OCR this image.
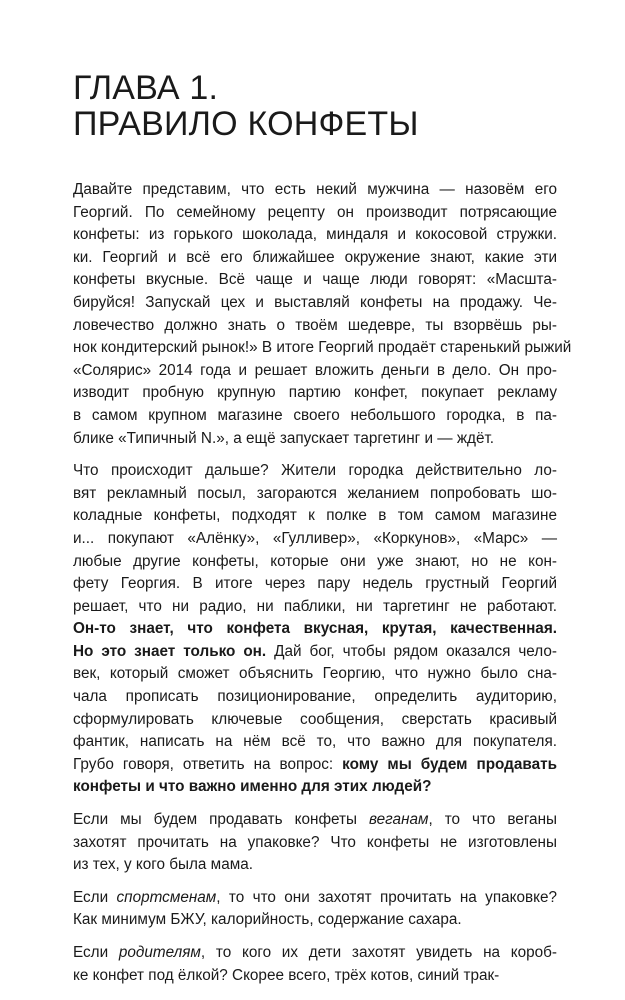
ГЛАВА 1.
ПРАВИЛО КОНФЕТЫ

Давайте представим, что есть некий мужчина — назовём его
Георгий. По семейному рецепту он производит потрясающие
конфеты: из горького шоколада, миндаля и кокосовой стружки.
ки. Георгий и всё его ближайшее окружение знают, какие эти
конфеты вкусные. Всё чаще и чаще люди говорят: «Масшта-
бируйся! Запускай цех и выставляй конфеты на продажу. Че-
ловечество должно знать о твоём шедевре, ты взорвёшь ры-
нок кондитерский рынок!» В итоге Георгий продаёт старенький рыжий
«Солярис» 2014 года и решает вложить деньги в дело. Он про-
изводит пробную крупную партию конфет, покупает рекламу
в самом крупном магазине своего небольшого городка, в па-
блике «Типичный N.», а ещё запускает таргетинг и — ждёт.

Что происходит дальше? Жители городка действительно ло-
вят рекламный посыл, загораются желанием попробовать шо-
коладные конфеты, подходят к полке в том самом магазине
и... покупают «Алёнку», «Гулливер», «Коркунов», «Марс» —
любые другие конфеты, которые они уже знают, но не кон-
фету Георгия. В итоге через пару недель грустный Георгий
решает, что ни радио, ни паблики, ни таргетинг не работают.
Он-то знает, что конфета вкусная, крутая, качественная.
Но это знает только он. Дай бог, чтобы рядом оказался чело-
век, который сможет объяснить Георгию, что нужно было сна-
чала прописать позиционирование, определить аудиторию,
сформулировать ключевые сообщения, сверстать красивый
фантик, написать на нём всё то, что важно для покупателя.
Грубо говоря, ответить на вопрос: кому мы будем продавать
конфеты и что важно именно для этих людей?

Если мы будем продавать конфеты веганам, то что веганы
захотят прочитать на упаковке? Что конфеты не изготовлены
из тех, у кого была мама.

Если спортсменам, то что они захотят прочитать на упаковке?
Как минимум БЖУ, калорийность, содержание сахара.

Если родителям, то кого их дети захотят увидеть на короб-
ке конфет под ёлкой? Скорее всего, трёх котов, синий трак-
